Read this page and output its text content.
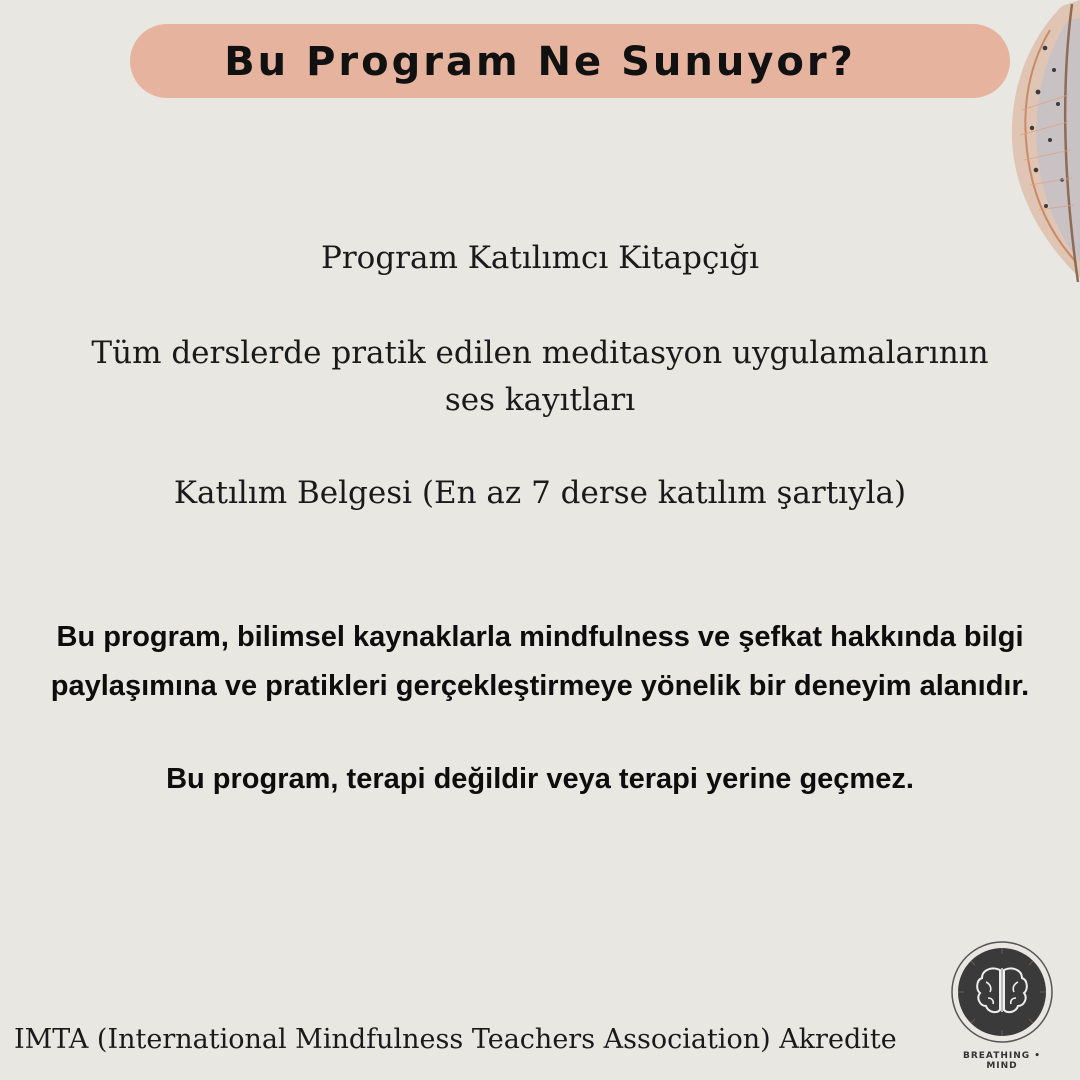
Bu Program Ne Sunuyor?
Program Katılımcı Kitapçığı
Tüm derslerde pratik edilen meditasyon uygulamalarının
ses kayıtları
Katılım Belgesi (En az 7 derse katılım şartıyla)
Bu program, bilimsel kaynaklarla mindfulness ve şefkat hakkında bilgi
paylaşımına ve pratikleri gerçekleştirmeye yönelik bir deneyim alanıdır.
Bu program, terapi değildir veya terapi yerine geçmez.
IMTA (International Mindfulness Teachers Association) Akredite
BREATHING • MIND
